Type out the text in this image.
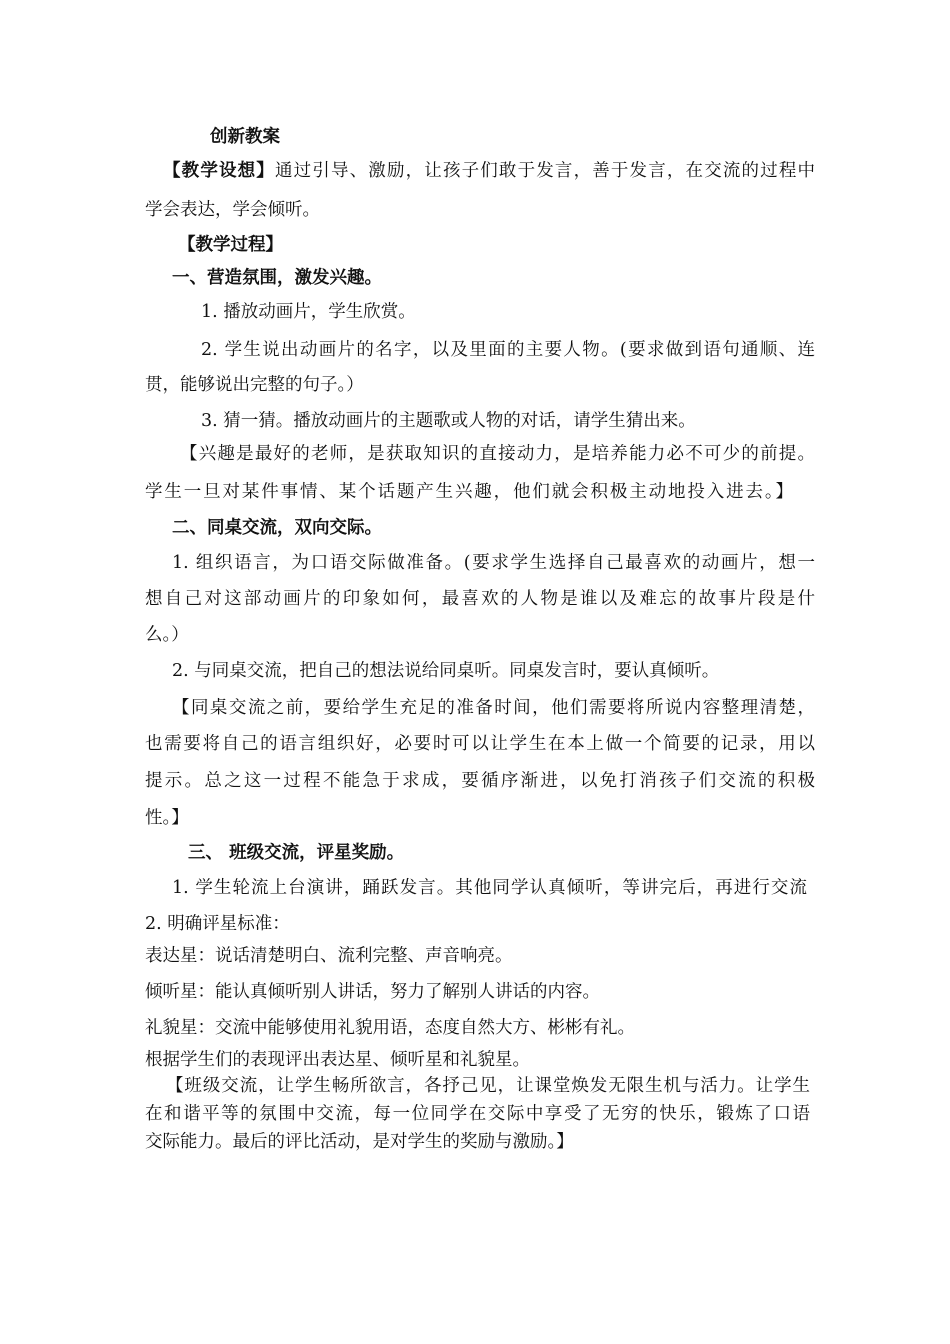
创新教案
【教学设想】通过引导、激励，让孩子们敢于发言，善于发言，在交流的过程中
学会表达，学会倾听。
【教学过程】
一、营造氛围，激发兴趣。
1. 播放动画片，学生欣赏。
2. 学生说出动画片的名字，以及里面的主要人物。(要求做到语句通顺、连
贯，能够说出完整的句子。）
3. 猜一猜。播放动画片的主题歌或人物的对话，请学生猜出来。
【兴趣是最好的老师，是获取知识的直接动力，是培养能力必不可少的前提。
学生一旦对某件事情、某个话题产生兴趣，他们就会积极主动地投入进去。】
二、同桌交流，双向交际。
1. 组织语言，为口语交际做准备。(要求学生选择自己最喜欢的动画片，想一
想自己对这部动画片的印象如何，最喜欢的人物是谁以及难忘的故事片段是什
么。）
2. 与同桌交流，把自己的想法说给同桌听。同桌发言时，要认真倾听。
【同桌交流之前，要给学生充足的准备时间，他们需要将所说内容整理清楚，
也需要将自己的语言组织好，必要时可以让学生在本上做一个简要的记录，用以
提示。总之这一过程不能急于求成，要循序渐进，以免打消孩子们交流的积极
性。】
三、 班级交流，评星奖励。
1. 学生轮流上台演讲，踊跃发言。其他同学认真倾听，等讲完后，再进行交流
2. 明确评星标准：
表达星：说话清楚明白、流利完整、声音响亮。
倾听星：能认真倾听别人讲话，努力了解别人讲话的内容。
礼貌星：交流中能够使用礼貌用语，态度自然大方、彬彬有礼。
根据学生们的表现评出表达星、倾听星和礼貌星。
【班级交流，让学生畅所欲言，各抒己见，让课堂焕发无限生机与活力。让学生
在和谐平等的氛围中交流，每一位同学在交际中享受了无穷的快乐，锻炼了口语
交际能力。最后的评比活动，是对学生的奖励与激励。】
